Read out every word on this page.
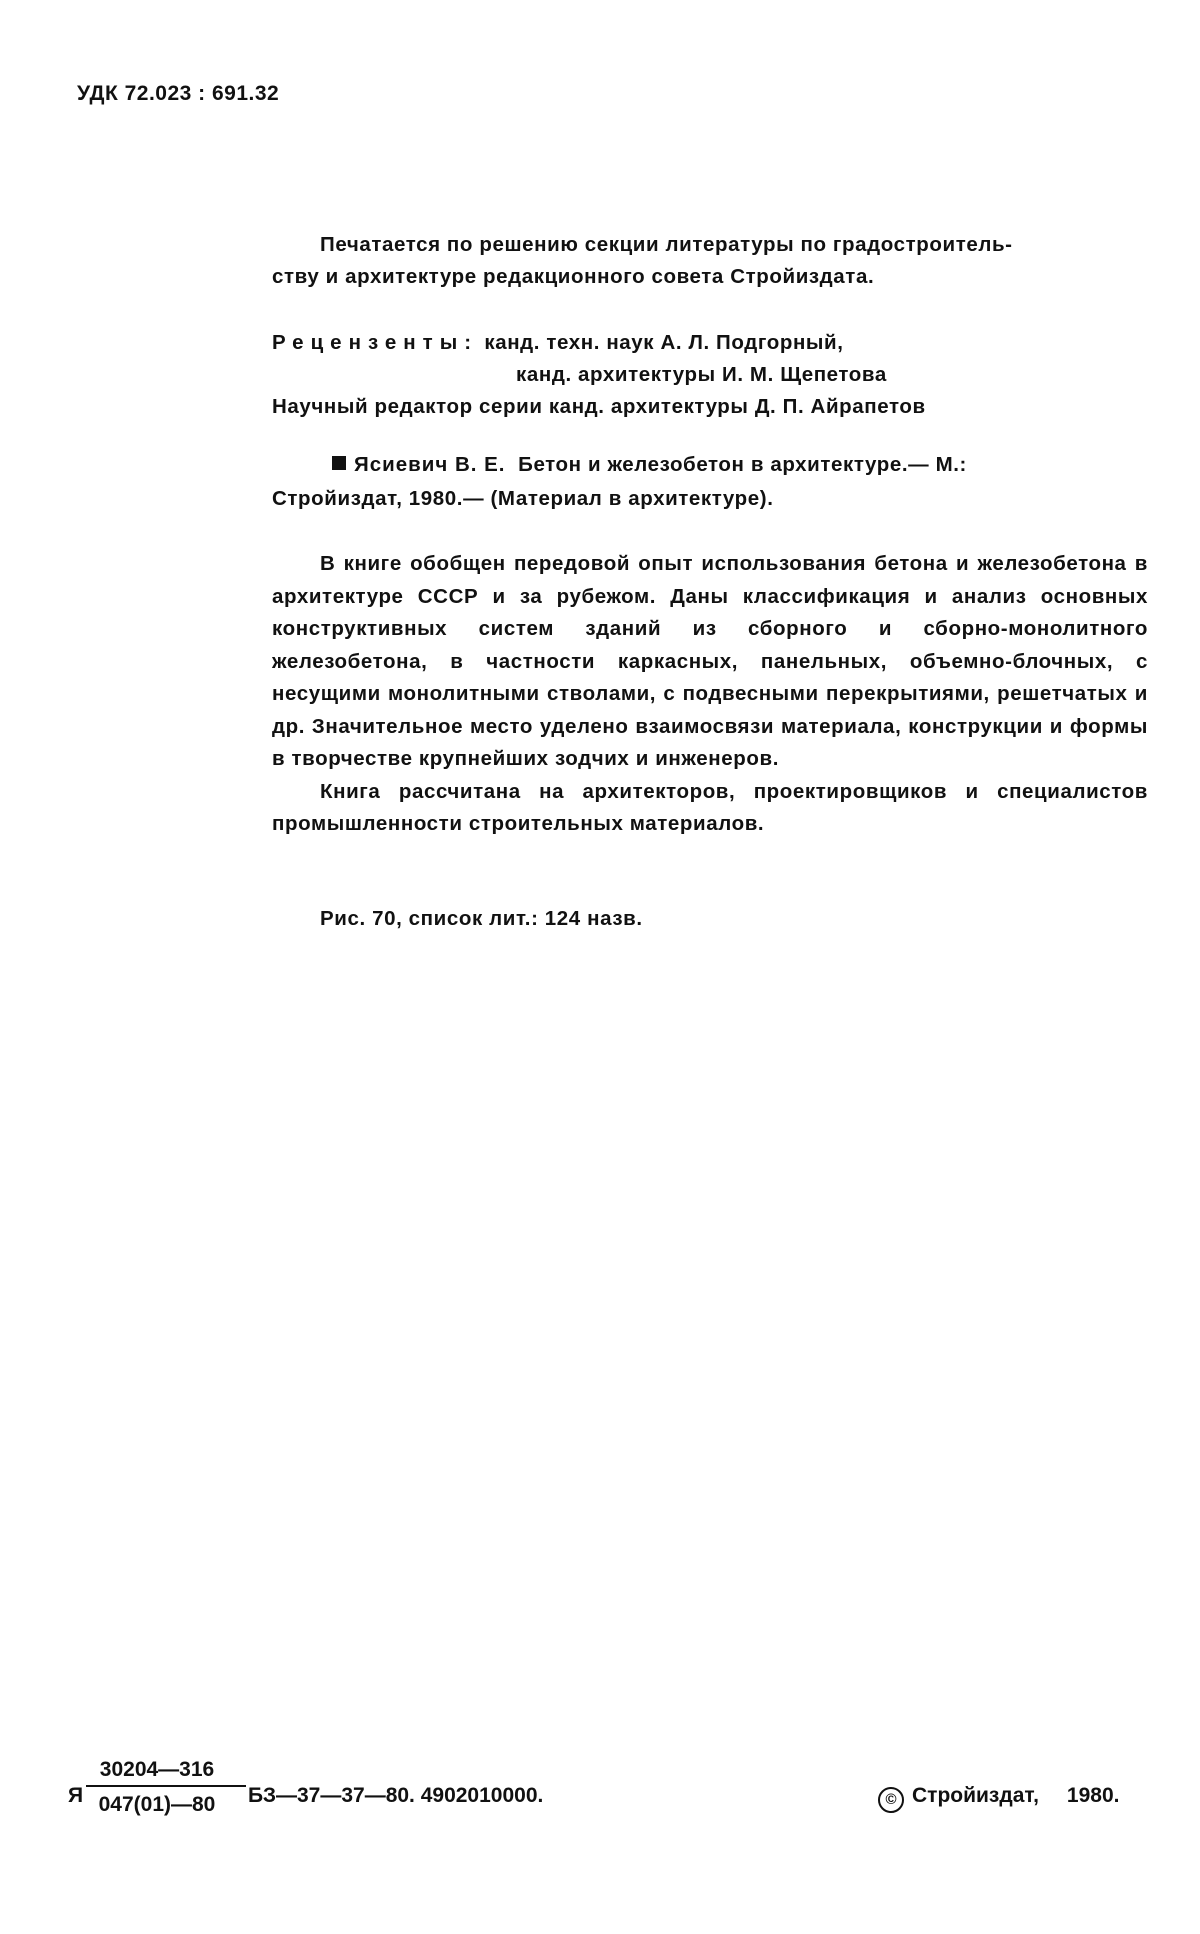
УДК 72.023 : 691.32
Печатается по решению секции литературы по градостроитель-
ству и архитектуре редакционного совета Стройиздата.
Рецензенты: канд. техн. наук А. Л. Подгорный,
канд. архитектуры И. М. Щепетова
Научный редактор серии канд. архитектуры Д. П. Айрапетов
Ясиевич В. Е. Бетон и железобетон в архитектуре.— М.:
Стройиздат, 1980.— (Материал в архитектуре).

В книге обобщен передовой опыт использования бетона и железобетона в архитектуре СССР и за рубежом. Даны классификация и анализ основных конструктивных систем зданий из сборного и сборно-монолитного железобетона, в частности каркасных, панельных, объемно-блочных, с несущими монолитными стволами, с подвесными перекрытиями, решетчатых и др. Значительное место уделено взаимосвязи материала, конструкции и формы в творчестве крупнейших зодчих и инженеров.

Книга рассчитана на архитекторов, проектировщиков и специалистов промышленности строительных материалов.

Рис. 70, список лит.: 124 назв.
Я
30204—316
047(01)—80	БЗ—37—37—80. 4902010000.	© Стройиздат, 1980.
